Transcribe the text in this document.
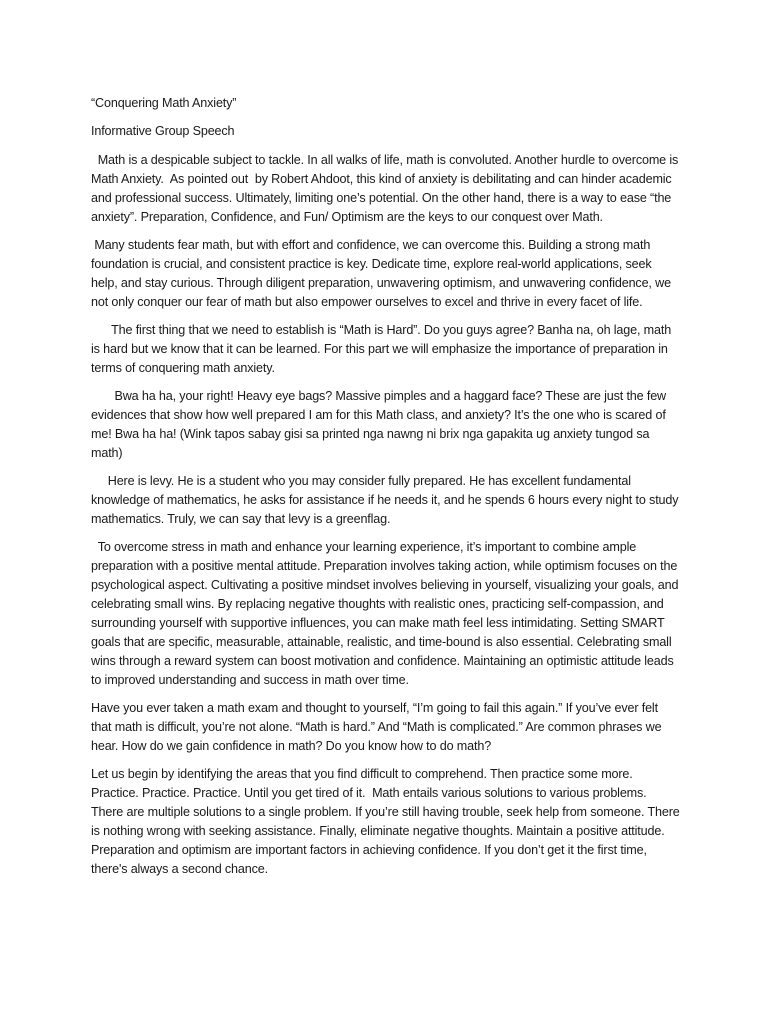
“Conquering Math Anxiety”
Informative Group Speech

Math is a despicable subject to tackle. In all walks of life, math is convoluted. Another hurdle to overcome is Math Anxiety.  As pointed out  by Robert Ahdoot, this kind of anxiety is debilitating and can hinder academic and professional success. Ultimately, limiting one’s potential. On the other hand, there is a way to ease “the anxiety”. Preparation, Confidence, and Fun/ Optimism are the keys to our conquest over Math.

Many students fear math, but with effort and confidence, we can overcome this. Building a strong math foundation is crucial, and consistent practice is key. Dedicate time, explore real-world applications, seek help, and stay curious. Through diligent preparation, unwavering optimism, and unwavering confidence, we not only conquer our fear of math but also empower ourselves to excel and thrive in every facet of life.

The first thing that we need to establish is “Math is Hard”. Do you guys agree? Banha na, oh lage, math is hard but we know that it can be learned. For this part we will emphasize the importance of preparation in terms of conquering math anxiety.

Bwa ha ha, your right! Heavy eye bags? Massive pimples and a haggard face? These are just the few evidences that show how well prepared I am for this Math class, and anxiety? It’s the one who is scared of me! Bwa ha ha! (Wink tapos sabay gisi sa printed nga nawng ni brix nga gapakita ug anxiety tungod sa math)

Here is levy. He is a student who you may consider fully prepared. He has excellent fundamental knowledge of mathematics, he asks for assistance if he needs it, and he spends 6 hours every night to study mathematics. Truly, we can say that levy is a greenflag.

To overcome stress in math and enhance your learning experience, it’s important to combine ample preparation with a positive mental attitude. Preparation involves taking action, while optimism focuses on the psychological aspect. Cultivating a positive mindset involves believing in yourself, visualizing your goals, and celebrating small wins. By replacing negative thoughts with realistic ones, practicing self-compassion, and surrounding yourself with supportive influences, you can make math feel less intimidating. Setting SMART goals that are specific, measurable, attainable, realistic, and time-bound is also essential. Celebrating small wins through a reward system can boost motivation and confidence. Maintaining an optimistic attitude leads to improved understanding and success in math over time.

Have you ever taken a math exam and thought to yourself, “I’m going to fail this again.” If you’ve ever felt that math is difficult, you’re not alone. “Math is hard.” And “Math is complicated.” Are common phrases we hear. How do we gain confidence in math? Do you know how to do math?

Let us begin by identifying the areas that you find difficult to comprehend. Then practice some more. Practice. Practice. Practice. Until you get tired of it.  Math entails various solutions to various problems. There are multiple solutions to a single problem. If you’re still having trouble, seek help from someone. There is nothing wrong with seeking assistance. Finally, eliminate negative thoughts. Maintain a positive attitude. Preparation and optimism are important factors in achieving confidence. If you don’t get it the first time, there's always a second chance.
